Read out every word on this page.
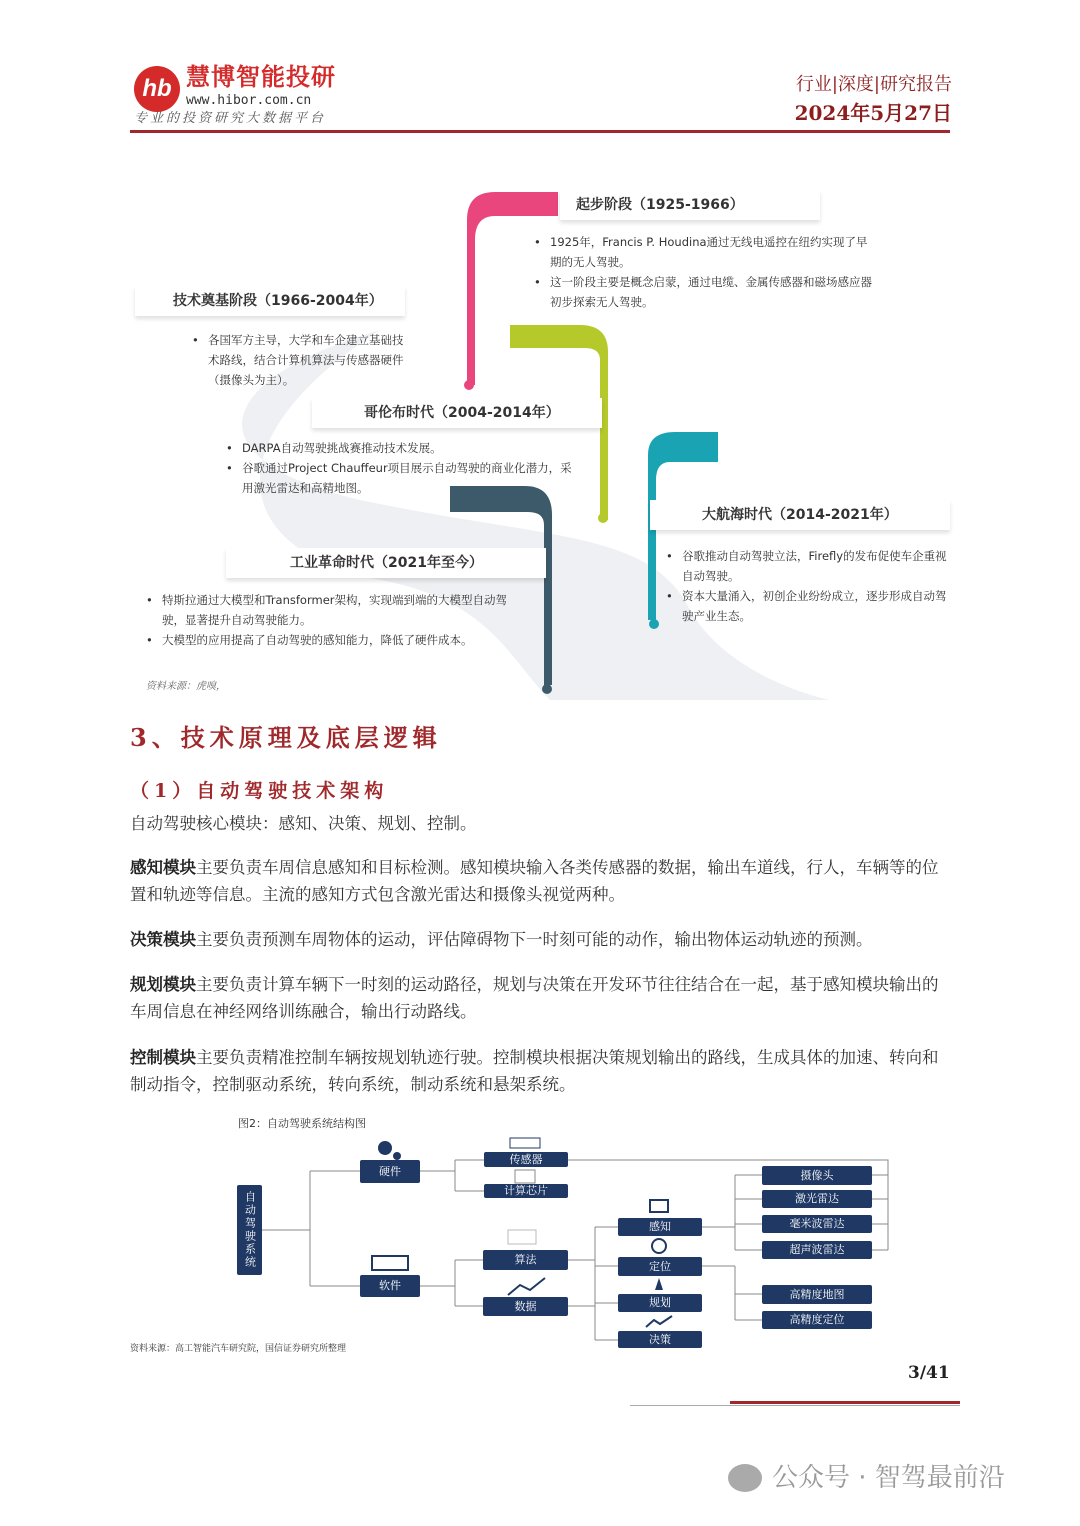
hb 慧博智能投研
www.hibor.com.cn
专业的投资研究大数据平台
行业|深度|研究报告
2024年5月27日
起步阶段（1925-1966）
• 1925年，Francis P. Houdina通过无线电遥控在纽约实现了早期的无人驾驶。
• 这一阶段主要是概念启蒙，通过电缆、金属传感器和磁场感应器初步探索无人驾驶。
技术奠基阶段（1966-2004年）
• 各国军方主导，大学和车企建立基础技术路线，结合计算机算法与传感器硬件（摄像头为主）。
哥伦布时代（2004-2014年）
• DARPA自动驾驶挑战赛推动技术发展。
• 谷歌通过Project Chauffeur项目展示自动驾驶的商业化潜力，采用激光雷达和高精地图。
大航海时代（2014-2021年）
• 谷歌推动自动驾驶立法，Firefly的发布促使车企重视自动驾驶。
• 资本大量涌入，初创企业纷纷成立，逐步形成自动驾驶产业生态。
工业革命时代（2021年至今）
• 特斯拉通过大模型和Transformer架构，实现端到端的大模型自动驾驶，显著提升自动驾驶能力。
• 大模型的应用提高了自动驾驶的感知能力，降低了硬件成本。
资料来源：虎嗅，
3、技术原理及底层逻辑
（1）自动驾驶技术架构
自动驾驶核心模块：感知、决策、规划、控制。
感知模块主要负责车周信息感知和目标检测。感知模块输入各类传感器的数据，输出车道线，行人，车辆等的位置和轨迹等信息。主流的感知方式包含激光雷达和摄像头视觉两种。
决策模块主要负责预测车周物体的运动，评估障碍物下一时刻可能的动作，输出物体运动轨迹的预测。
规划模块主要负责计算车辆下一时刻的运动路径，规划与决策在开发环节往往结合在一起，基于感知模块输出的车周信息在神经网络训练融合，输出行动路线。
控制模块主要负责精准控制车辆按规划轨迹行驶。控制模块根据决策规划输出的路线，生成具体的加速、转向和制动指令，控制驱动系统，转向系统，制动系统和悬架系统。
图2：自动驾驶系统结构图
自动驾驶系统
硬件
软件
传感器
计算芯片
算法
数据
感知
定位
规划
决策
摄像头
激光雷达
毫米波雷达
超声波雷达
高精度地图
高精度定位
资料来源：高工智能汽车研究院，国信证券研究所整理
3/41
公众号 · 智驾最前沿
